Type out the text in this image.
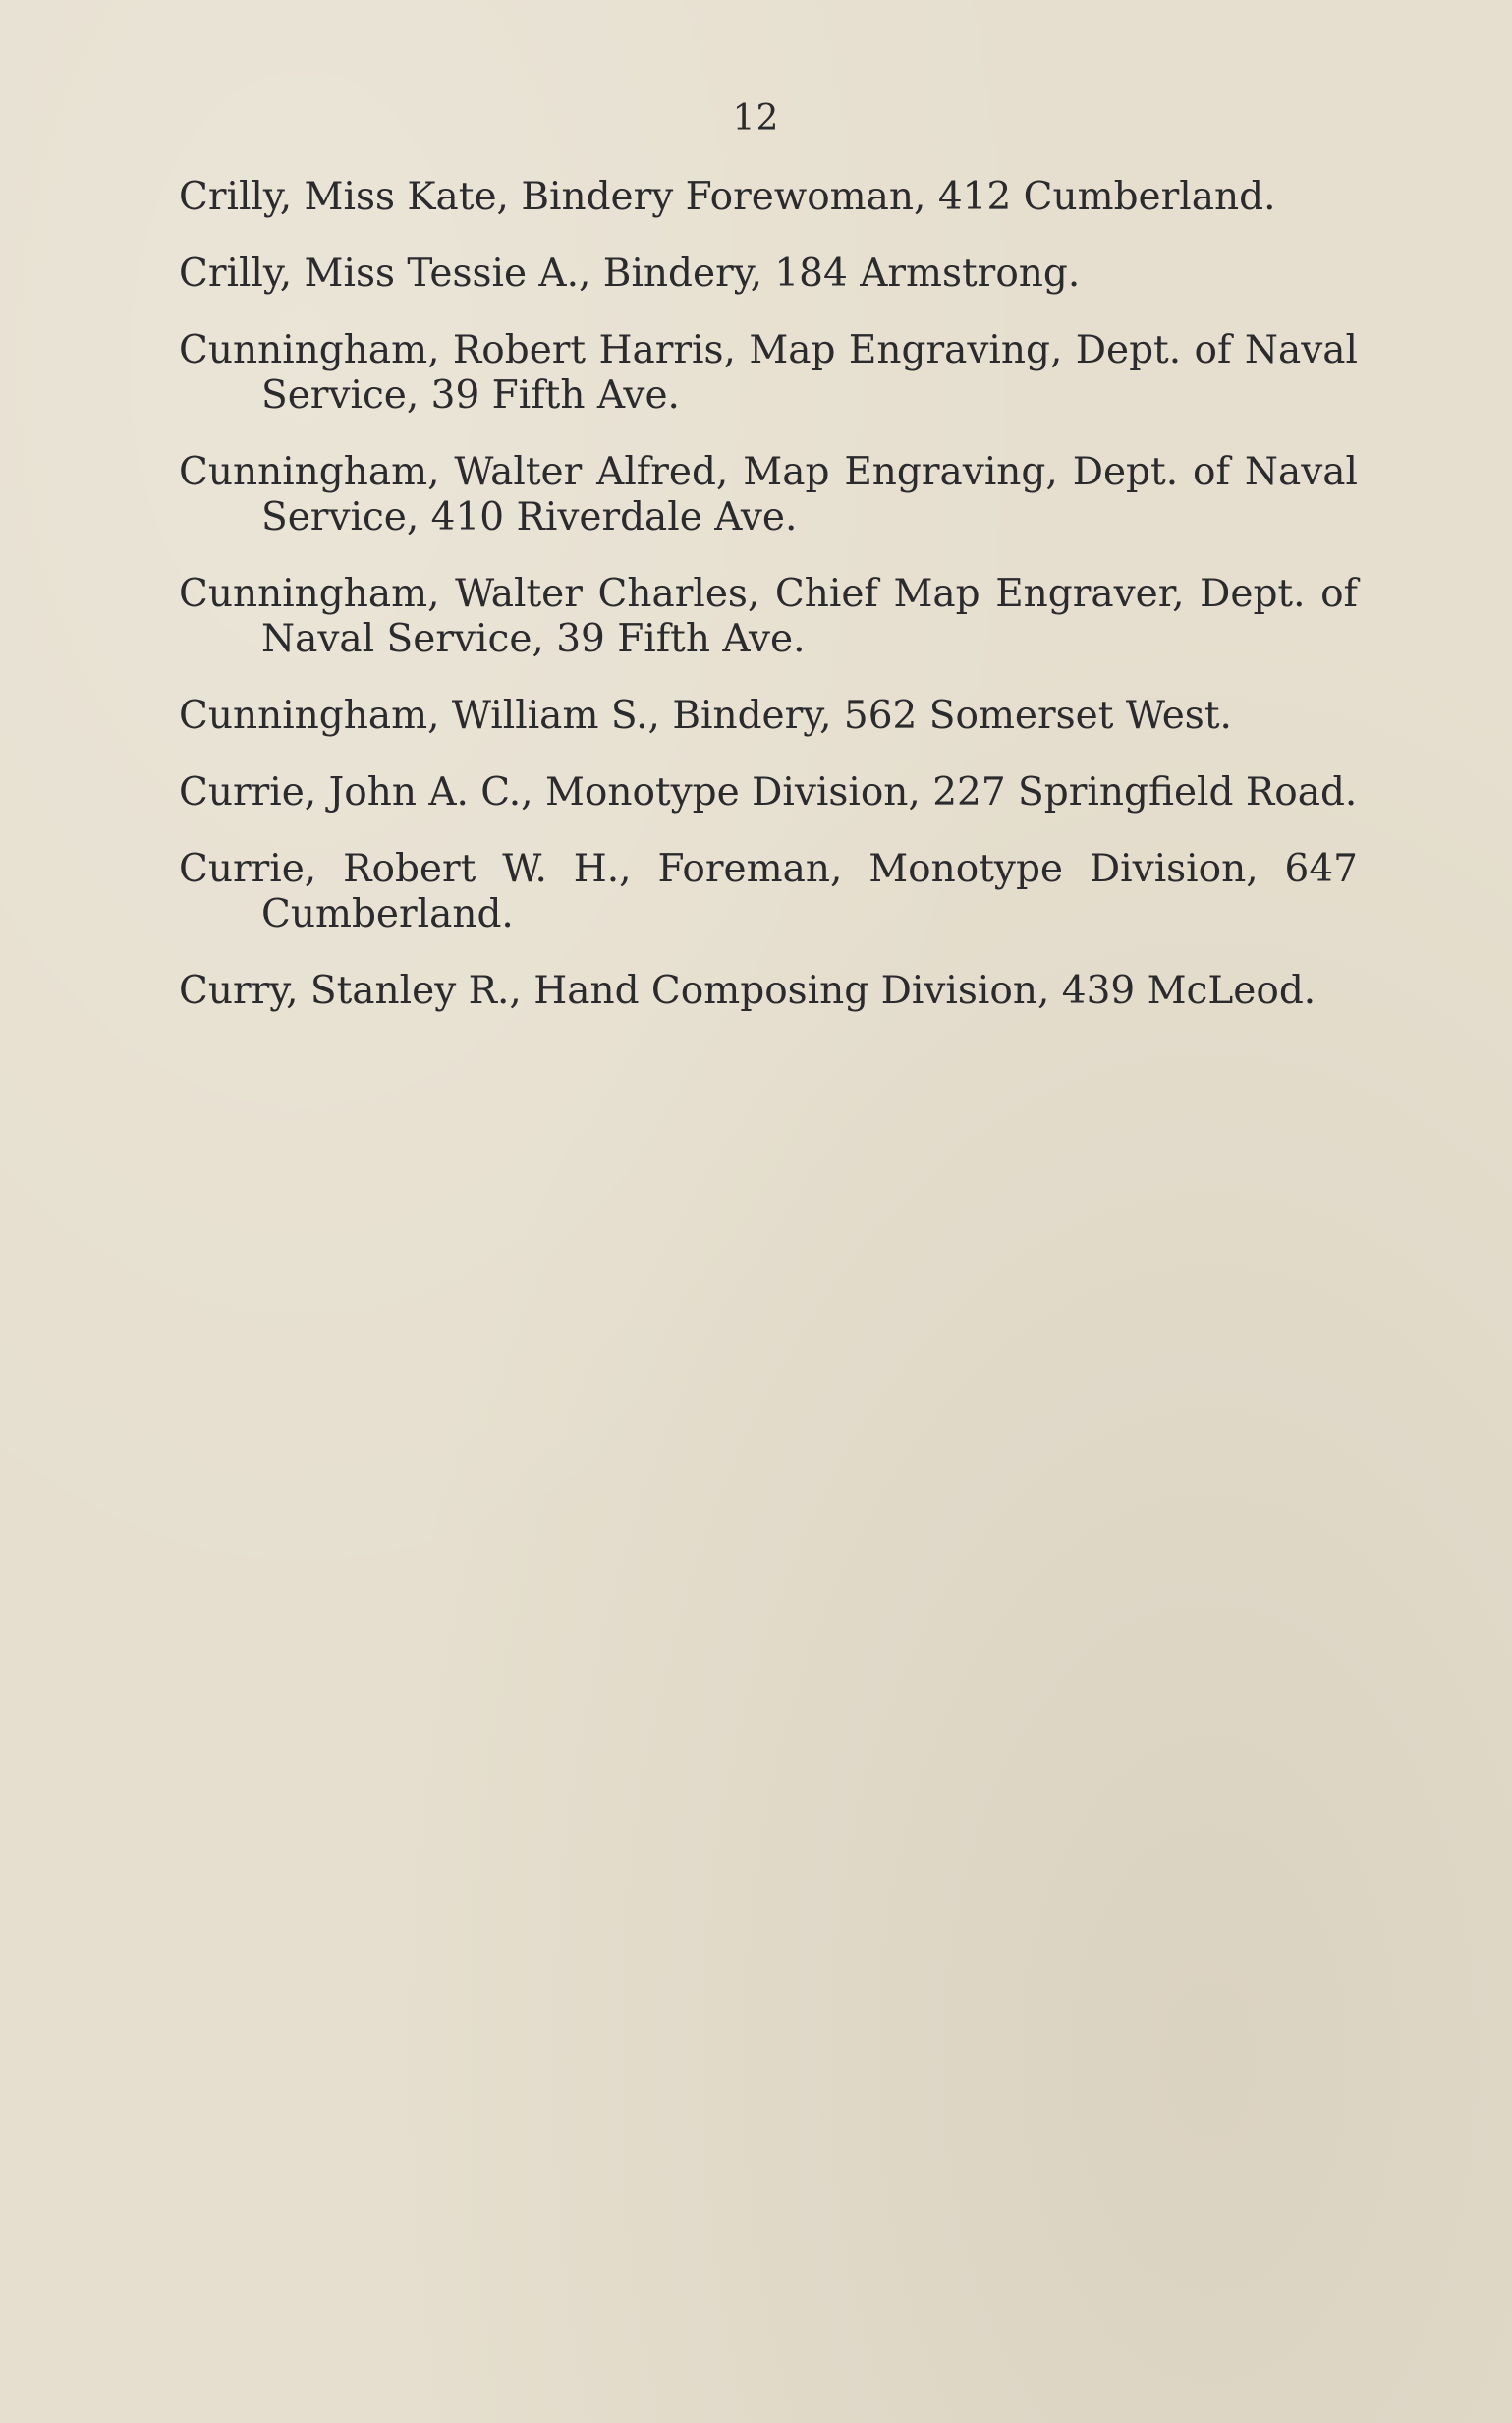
12
Crilly, Miss Kate, Bindery Forewoman, 412 Cumberland.
Crilly, Miss Tessie A., Bindery, 184 Armstrong.
Cunningham, Robert Harris, Map Engraving, Dept. of Naval Service, 39 Fifth Ave.
Cunningham, Walter Alfred, Map Engraving, Dept. of Naval Service, 410 Riverdale Ave.
Cunningham, Walter Charles, Chief Map Engraver, Dept. of Naval Service, 39 Fifth Ave.
Cunningham, William S., Bindery, 562 Somerset West.
Currie, John A. C., Monotype Division, 227 Springfield Road.
Currie, Robert W. H., Foreman, Monotype Division, 647 Cumberland.
Curry, Stanley R., Hand Composing Division, 439 McLeod.
